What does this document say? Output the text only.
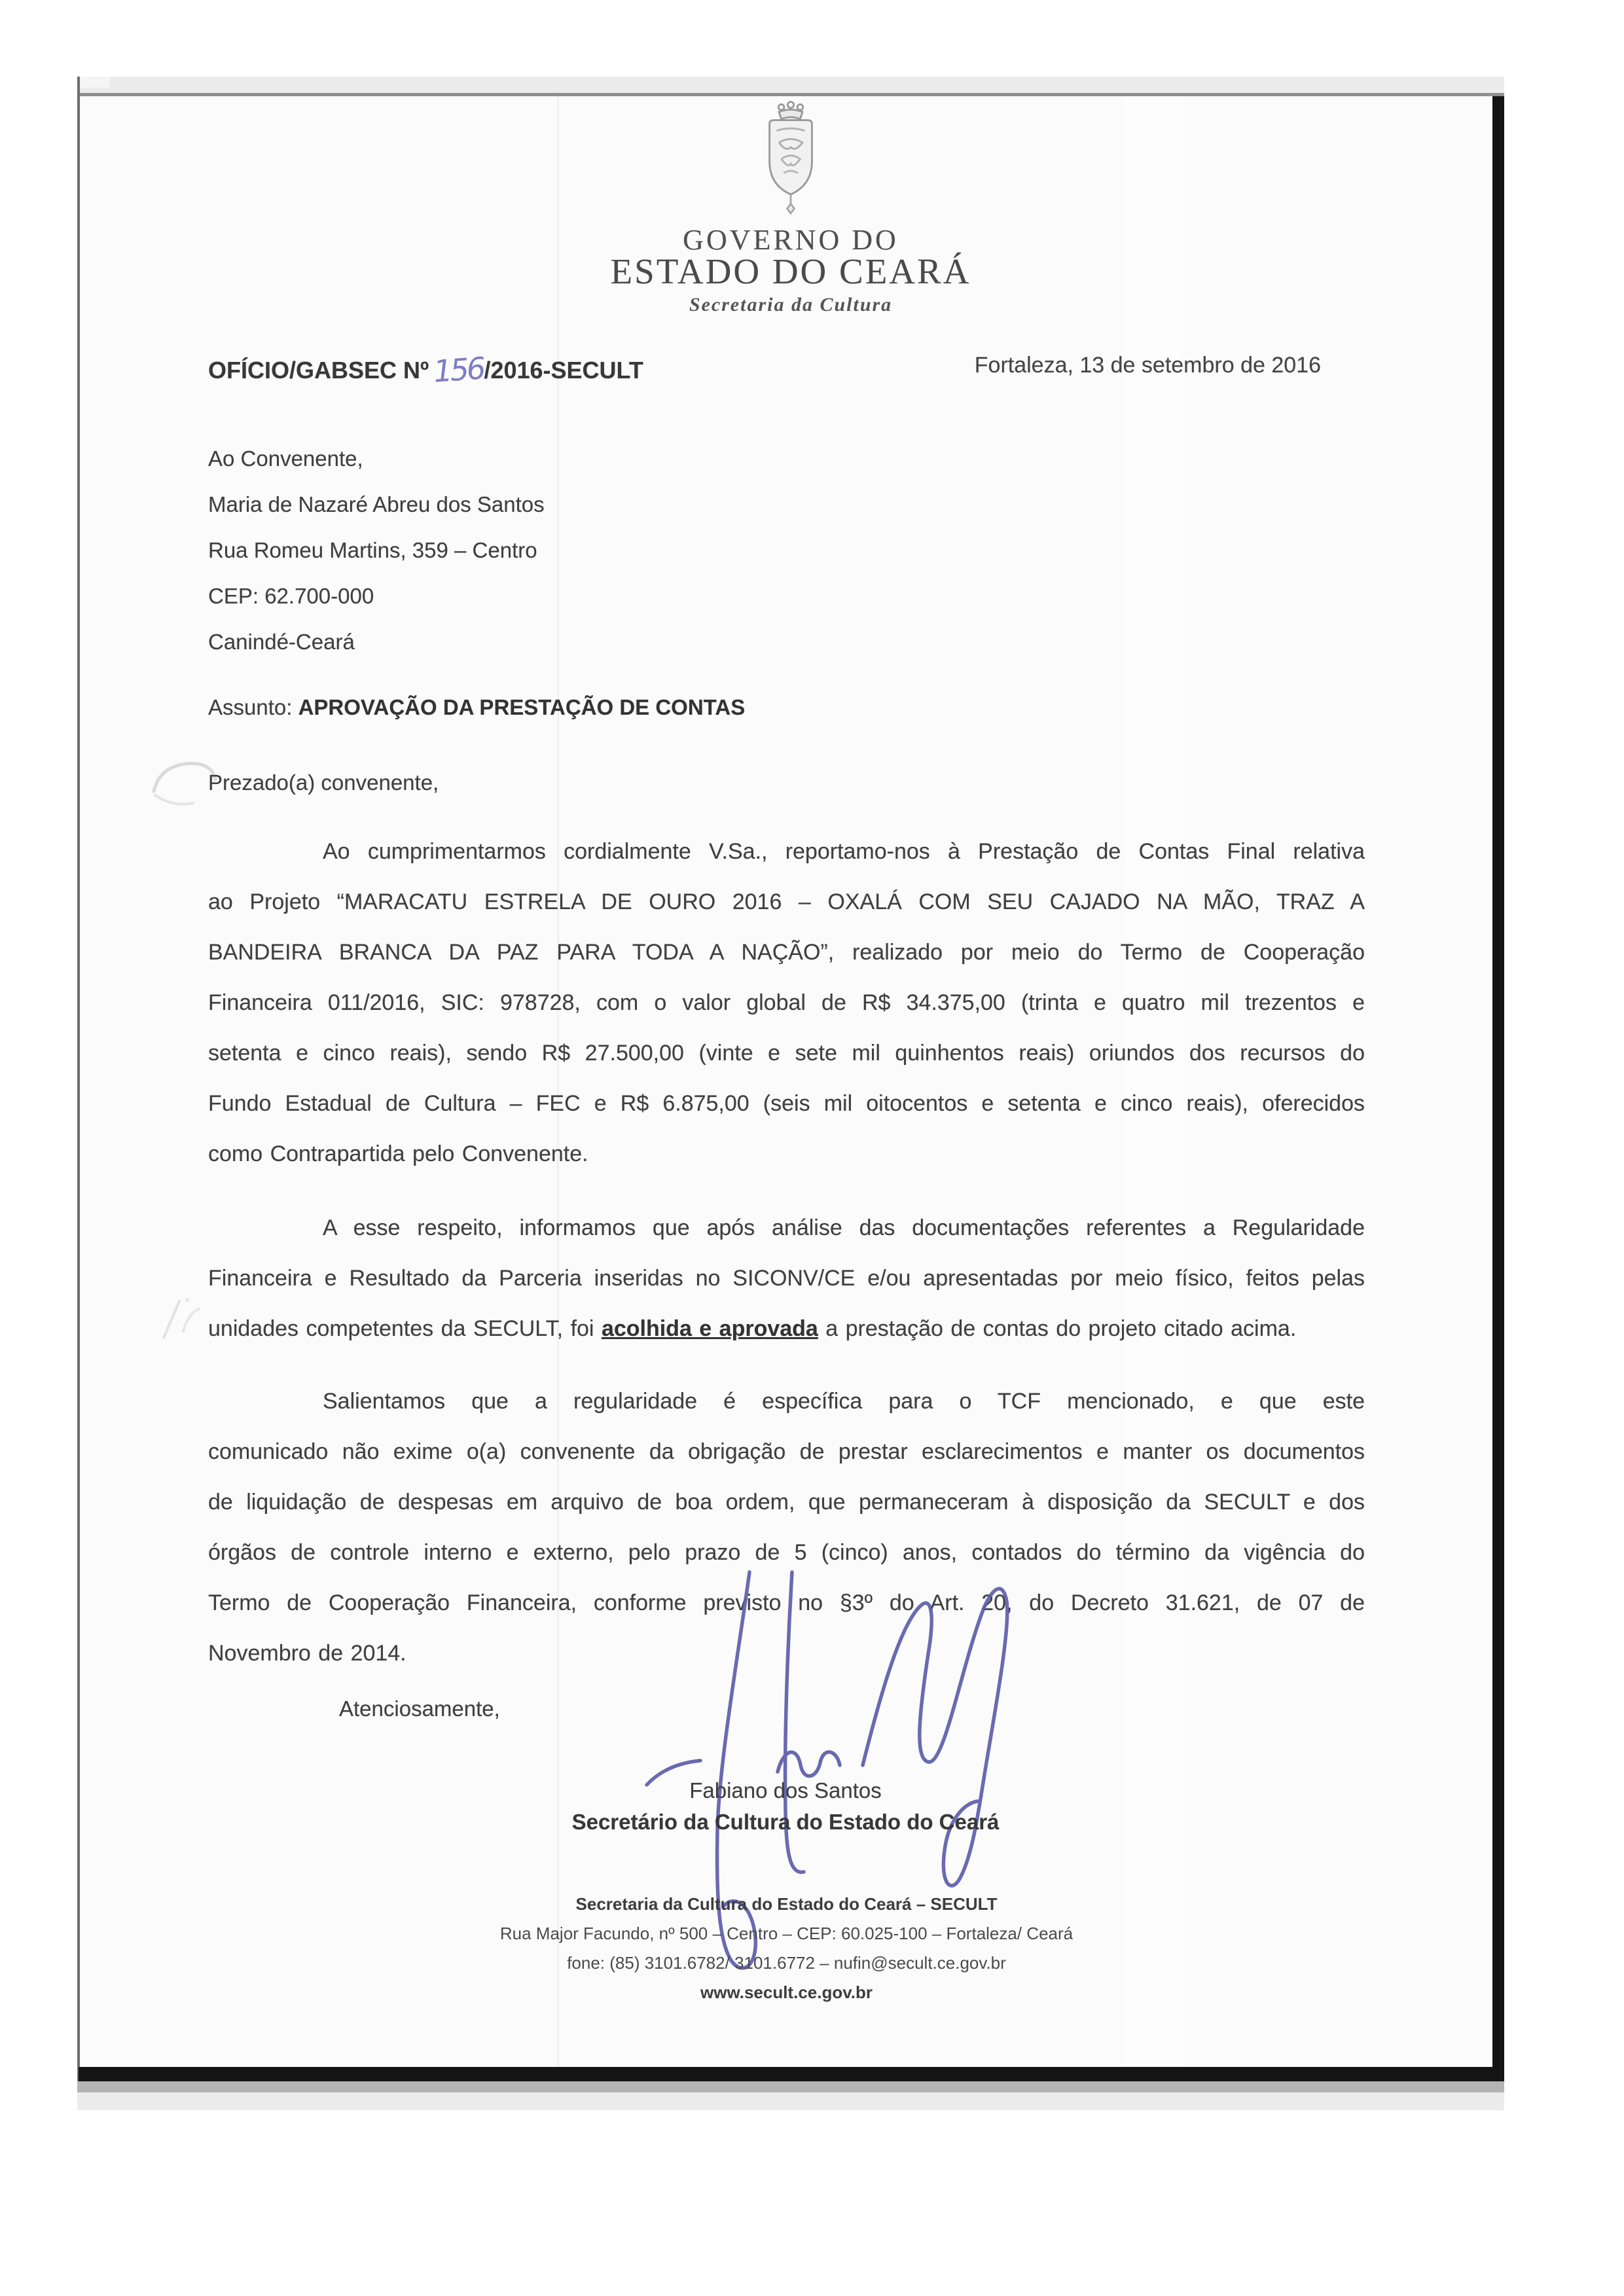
GOVERNO DO
ESTADO DO CEARÁ
Secretaria da Cultura
OFÍCIO/GABSEC Nº 156/2016-SECULT	Fortaleza, 13 de setembro de 2016
Ao Convenente,
Maria de Nazaré Abreu dos Santos
Rua Romeu Martins, 359 – Centro
CEP: 62.700-000
Canindé-Ceará
Assunto: APROVAÇÃO DA PRESTAÇÃO DE CONTAS
Prezado(a) convenente,
Ao cumprimentarmos cordialmente V.Sa., reportamo-nos à Prestação de Contas Final relativa
ao Projeto “MARACATU ESTRELA DE OURO 2016 – OXALÁ COM SEU CAJADO NA MÃO, TRAZ A
BANDEIRA BRANCA DA PAZ PARA TODA A NAÇÃO”, realizado por meio do Termo de Cooperação
Financeira 011/2016, SIC: 978728, com o valor global de R$ 34.375,00 (trinta e quatro mil trezentos e
setenta e cinco reais), sendo R$ 27.500,00 (vinte e sete mil quinhentos reais) oriundos dos recursos do
Fundo Estadual de Cultura – FEC e R$ 6.875,00 (seis mil oitocentos e setenta e cinco reais), oferecidos
como Contrapartida pelo Convenente.
A esse respeito, informamos que após análise das documentações referentes a Regularidade
Financeira e Resultado da Parceria inseridas no SICONV/CE e/ou apresentadas por meio físico, feitos pelas
unidades competentes da SECULT, foi acolhida e aprovada a prestação de contas do projeto citado acima.
Salientamos que a regularidade é específica para o TCF mencionado, e que este
comunicado não exime o(a) convenente da obrigação de prestar esclarecimentos e manter os documentos
de liquidação de despesas em arquivo de boa ordem, que permaneceram à disposição da SECULT e dos
órgãos de controle interno e externo, pelo prazo de 5 (cinco) anos, contados do término da vigência do
Termo de Cooperação Financeira, conforme previsto no §3º do Art. 20, do Decreto 31.621, de 07 de
Novembro de 2014.
Atenciosamente,
Fabiano dos Santos
Secretário da Cultura do Estado do Ceará
Secretaria da Cultura do Estado do Ceará – SECULT
Rua Major Facundo, nº 500 – Centro – CEP: 60.025-100 – Fortaleza/ Ceará
fone: (85) 3101.6782/ 3101.6772 – nufin@secult.ce.gov.br
www.secult.ce.gov.br
